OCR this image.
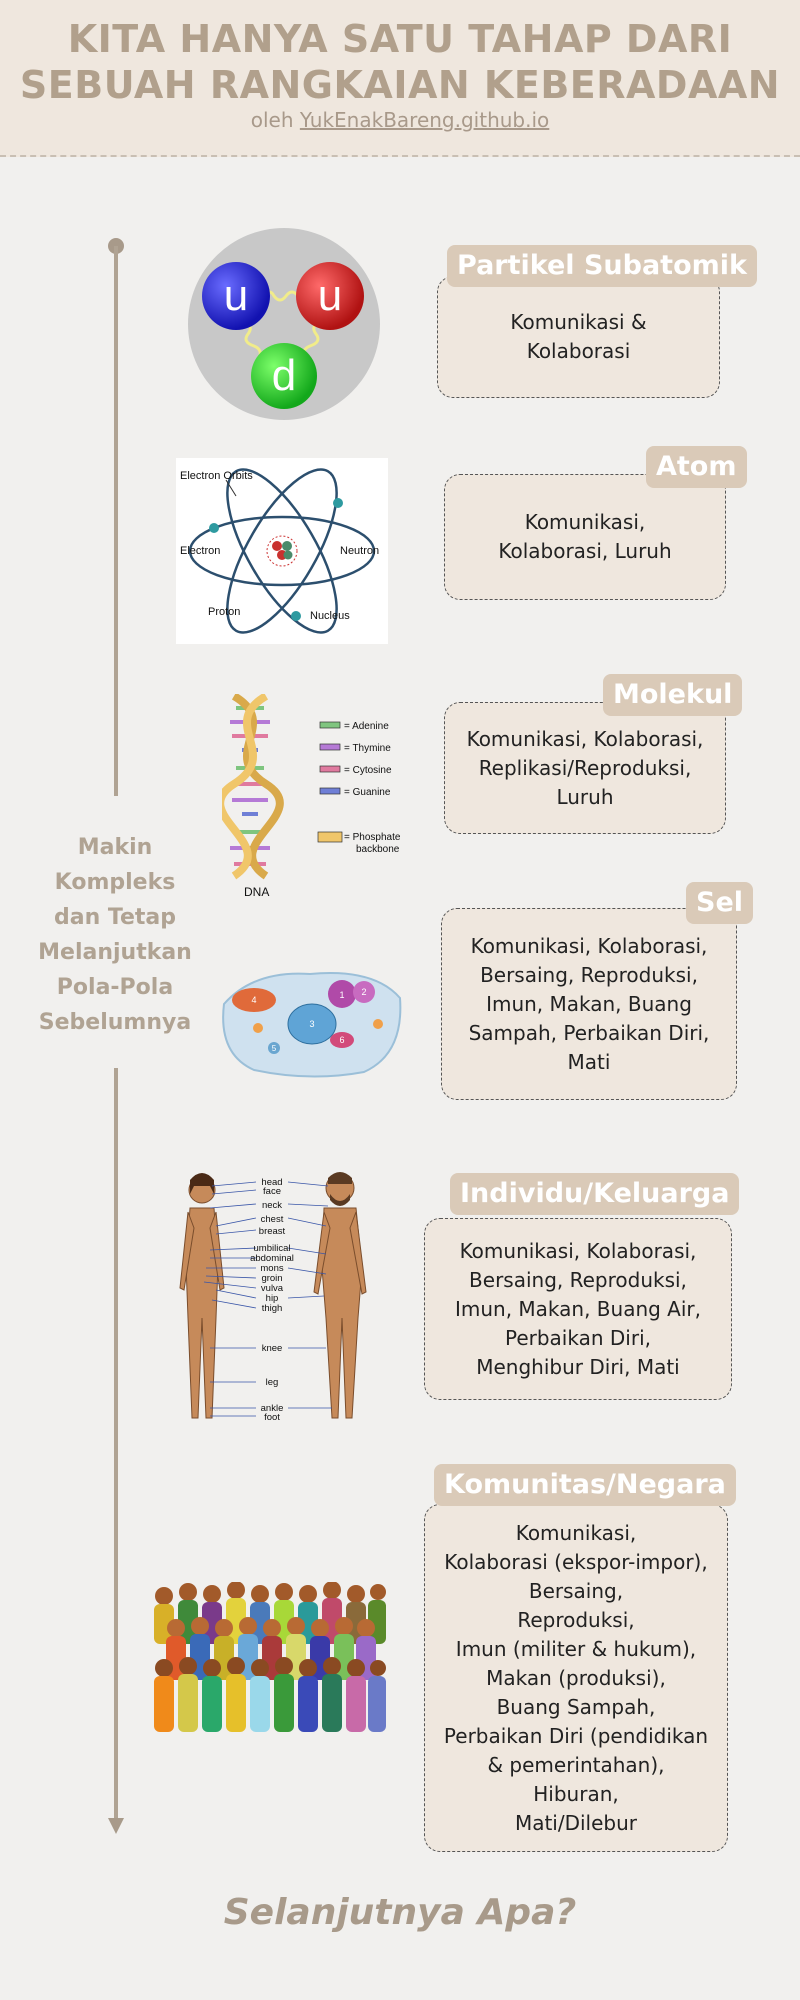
KITA HANYA SATU TAHAP DARI
SEBUAH RANGKAIAN KEBERADAAN
oleh YukEnakBareng.github.io
Makin
Kompleks
dan Tetap
Melanjutkan
Pola-Pola
Sebelumnya
u u
d
Komunikasi &
Kolaborasi
Partikel Subatomik
Electron Orbits
Electron	Neutron
Proton	Nucleus
Komunikasi,
Kolaborasi, Luruh
Atom
= Adenine
= Thymine
= Cytosine
= Guanine
= Phosphate
backbone
DNA
Komunikasi, Kolaborasi,
Replikasi/Reproduksi,
Luruh
Molekul
1 2
3
4
5
6
Komunikasi, Kolaborasi,
Bersaing, Reproduksi,
Imun, Makan, Buang
Sampah, Perbaikan Diri,
Mati
Sel
head
face
neck
chest
breast
umbilical
abdominal
mons
groin
vulva
hip
thigh
knee
leg
ankle
foot
Komunikasi, Kolaborasi,
Bersaing, Reproduksi,
Imun, Makan, Buang Air,
Perbaikan Diri,
Menghibur Diri, Mati
Individu/Keluarga
Komunikasi,
Kolaborasi (ekspor-impor),
Bersaing,
Reproduksi,
Imun (militer & hukum),
Makan (produksi),
Buang Sampah,
Perbaikan Diri (pendidikan
& pemerintahan),
Hiburan,
Mati/Dilebur
Komunitas/Negara
Selanjutnya Apa?
